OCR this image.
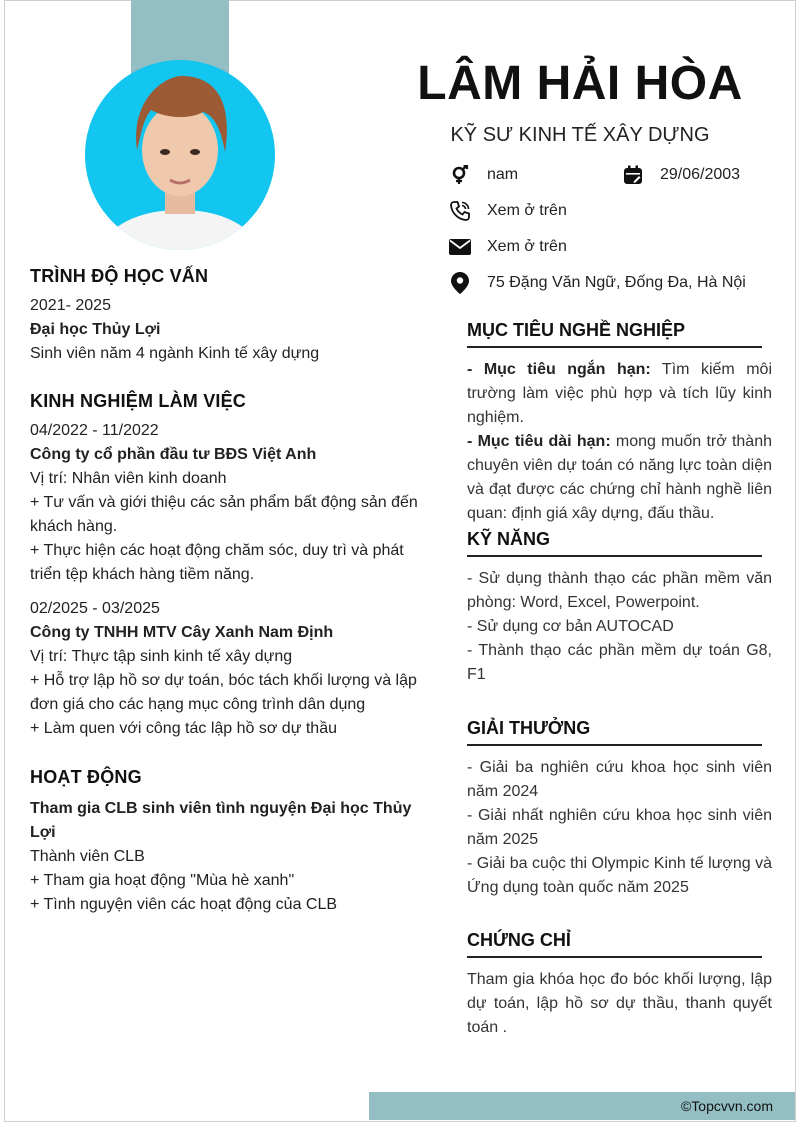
LÂM HẢI HÒA
KỸ SƯ KINH TẾ XÂY DỰNG
nam	29/06/2003
Xem ở trên
Xem ở trên
75 Đặng Văn Ngữ, Đống Đa, Hà Nội
TRÌNH ĐỘ HỌC VẤN
2021- 2025
Đại học Thủy Lợi
Sinh viên năm 4 ngành Kinh tế xây dựng
KINH NGHIỆM LÀM VIỆC
04/2022 - 11/2022
Công ty cổ phần đầu tư BĐS Việt Anh
Vị trí: Nhân viên kinh doanh
+ Tư vấn và giới thiệu các sản phẩm bất động sản đến khách hàng.
+ Thực hiện các hoạt động chăm sóc, duy trì và phát triển tệp khách hàng tiềm năng.
02/2025 - 03/2025
Công ty TNHH MTV Cây Xanh Nam Định
Vị trí: Thực tập sinh kinh tế xây dựng
+ Hỗ trợ lập hồ sơ dự toán, bóc tách khối lượng và lập đơn giá cho các hạng mục công trình dân dụng
+ Làm quen với công tác lập hồ sơ dự thầu
HOẠT ĐỘNG
Tham gia CLB sinh viên tình nguyện Đại học Thủy Lợi
Thành viên CLB
+ Tham gia hoạt động "Mùa hè xanh"
+ Tình nguyện viên các hoạt động của CLB
MỤC TIÊU NGHỀ NGHIỆP
- Mục tiêu ngắn hạn: Tìm kiếm môi trường làm việc phù hợp và tích lũy kinh nghiệm.
- Mục tiêu dài hạn: mong muốn trở thành chuyên viên dự toán có năng lực toàn diện và đạt được các chứng chỉ hành nghề liên quan: định giá xây dựng, đấu thầu.
KỸ NĂNG
- Sử dụng thành thạo các phần mềm văn phòng: Word, Excel, Powerpoint.
- Sử dụng cơ bản AUTOCAD
- Thành thạo các phần mềm dự toán G8, F1
GIẢI THƯỞNG
- Giải ba nghiên cứu khoa học sinh viên năm 2024
- Giải nhất nghiên cứu khoa học sinh viên năm 2025
- Giải ba cuộc thi Olympic Kinh tế lượng và Ứng dụng toàn quốc năm 2025
CHỨNG CHỈ
Tham gia khóa học đo bóc khối lượng, lập dự toán, lập hồ sơ dự thầu, thanh quyết toán .
©Topcvvn.com
